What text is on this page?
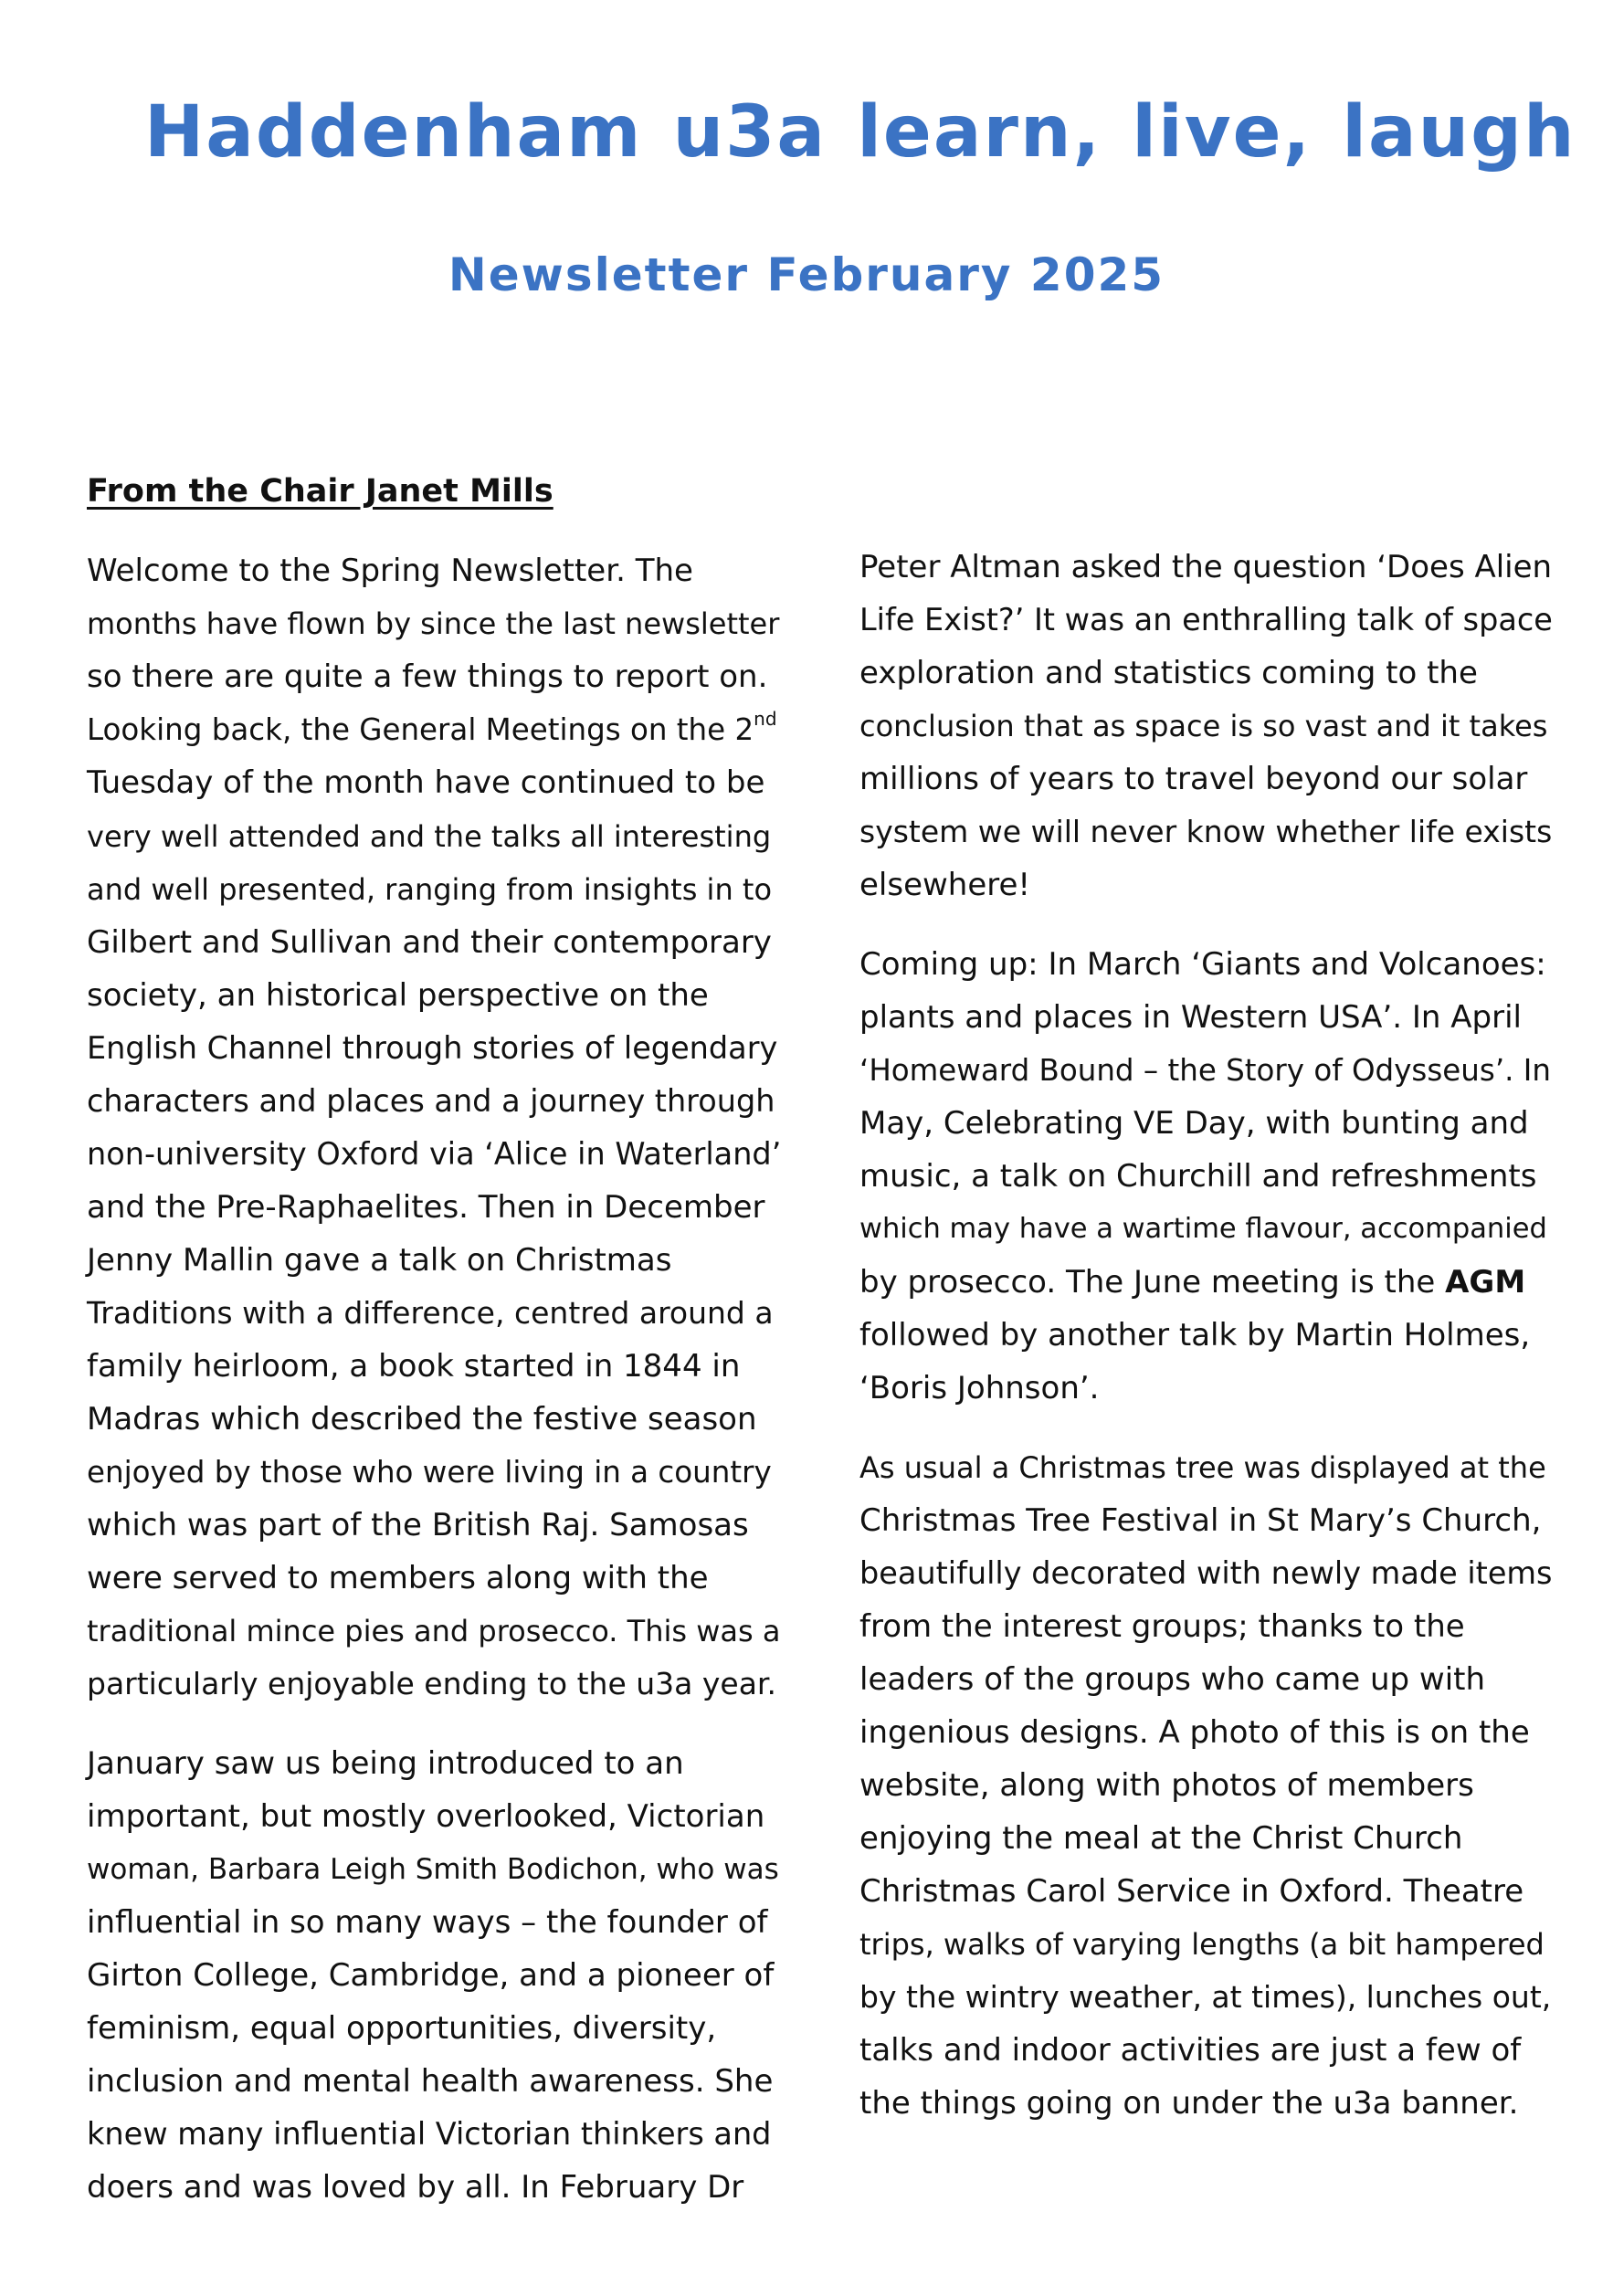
Haddenham u3a learn, live, laugh
Newsletter February 2025
From the Chair Janet Mills

Welcome to the Spring Newsletter. The

months have flown by since the last newsletter

so there are quite a few things to report on.

Looking back, the General Meetings on the 2nd

Tuesday of the month have continued to be

very well attended and the talks all interesting

and well presented, ranging from insights in to

Gilbert and Sullivan and their contemporary

society, an historical perspective on the

English Channel through stories of legendary

characters and places and a journey through

non-university Oxford via ‘Alice in Waterland’

and the Pre-Raphaelites. Then in December

Jenny Mallin gave a talk on Christmas

Traditions with a difference, centred around a

family heirloom, a book started in 1844 in

Madras which described the festive season

enjoyed by those who were living in a country

which was part of the British Raj. Samosas

were served to members along with the

traditional mince pies and prosecco. This was a

particularly enjoyable ending to the u3a year.

January saw us being introduced to an

important, but mostly overlooked, Victorian

woman, Barbara Leigh Smith Bodichon, who was

influential in so many ways – the founder of

Girton College, Cambridge, and a pioneer of

feminism, equal opportunities, diversity,

inclusion and mental health awareness. She

knew many influential Victorian thinkers and

doers and was loved by all. In February Dr

Peter Altman asked the question ‘Does Alien

Life Exist?’ It was an enthralling talk of space

exploration and statistics coming to the

conclusion that as space is so vast and it takes

millions of years to travel beyond our solar

system we will never know whether life exists

elsewhere!

Coming up: In March ‘Giants and Volcanoes:

plants and places in Western USA’. In April

‘Homeward Bound – the Story of Odysseus’. In

May, Celebrating VE Day, with bunting and

music, a talk on Churchill and refreshments

which may have a wartime flavour, accompanied

by prosecco. The June meeting is the AGM

followed by another talk by Martin Holmes,

‘Boris Johnson’.

As usual a Christmas tree was displayed at the

Christmas Tree Festival in St Mary’s Church,

beautifully decorated with newly made items

from the interest groups; thanks to the

leaders of the groups who came up with

ingenious designs. A photo of this is on the

website, along with photos of members

enjoying the meal at the Christ Church

Christmas Carol Service in Oxford. Theatre

trips, walks of varying lengths (a bit hampered

by the wintry weather, at times), lunches out,

talks and indoor activities are just a few of

the things going on under the u3a banner.
